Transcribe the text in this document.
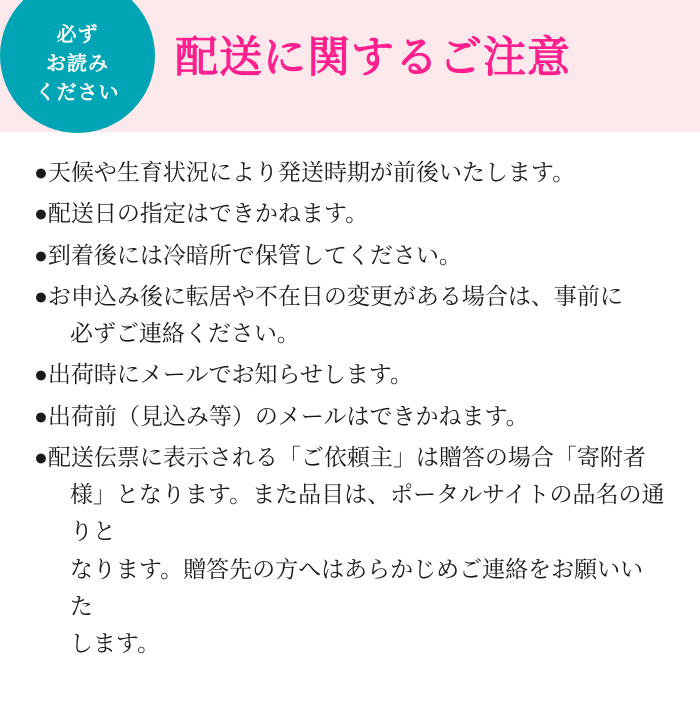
配送に関するご注意
必ず
お読み
ください
● 天候や生育状況により発送時期が前後いたします。
● 配送日の指定はできかねます。
● 到着後には冷暗所で保管してください。
● お申込み後に転居や不在日の変更がある場合は、事前に
必ずご連絡ください。
● 出荷時にメールでお知らせします。
● 出荷前（見込み等）のメールはできかねます。
● 配送伝票に表示される「ご依頼主」は贈答の場合「寄附者
様」となります。また品目は、ポータルサイトの品名の通りと
なります。贈答先の方へはあらかじめご連絡をお願いいた
します。
